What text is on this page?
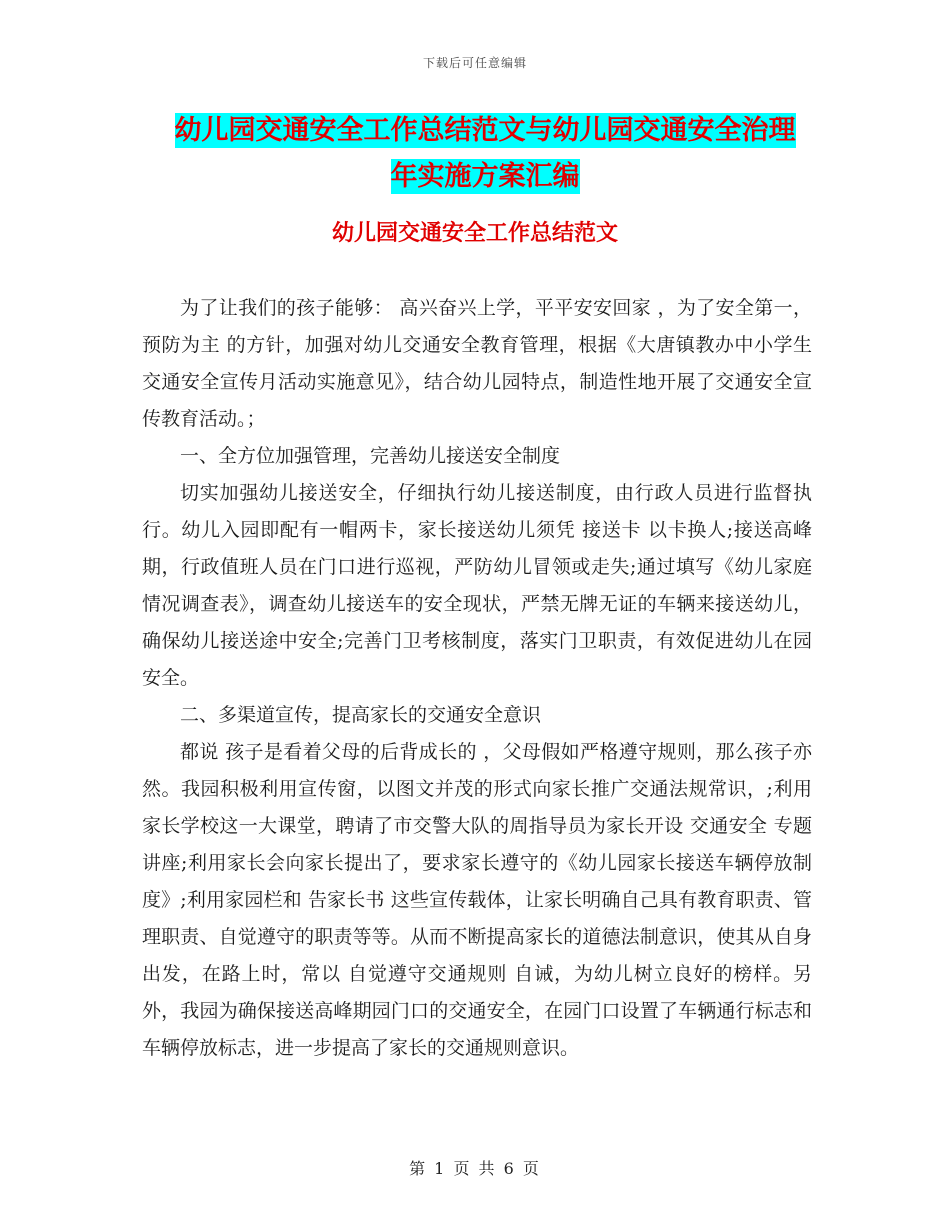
下载后可任意编辑
幼儿园交通安全工作总结范文与幼儿园交通安全治理
年实施方案汇编
幼儿园交通安全工作总结范文

为了让我们的孩子能够： 高兴奋兴上学，平平安安回家 ，为了安全第一，预防为主 的方针，加强对幼儿交通安全教育管理，根据《大唐镇教办中小学生交通安全宣传月活动实施意见》，结合幼儿园特点，制造性地开展了交通安全宣传教育活动。；

一、全方位加强管理，完善幼儿接送安全制度

切实加强幼儿接送安全，仔细执行幼儿接送制度，由行政人员进行监督执行。幼儿入园即配有一帽两卡，家长接送幼儿须凭 接送卡 以卡换人;接送高峰期，行政值班人员在门口进行巡视，严防幼儿冒领或走失;通过填写《幼儿家庭情况调查表》，调查幼儿接送车的安全现状，严禁无牌无证的车辆来接送幼儿，确保幼儿接送途中安全;完善门卫考核制度，落实门卫职责，有效促进幼儿在园安全。

二、多渠道宣传，提高家长的交通安全意识

都说 孩子是看着父母的后背成长的 ，父母假如严格遵守规则，那么孩子亦然。我园积极利用宣传窗，以图文并茂的形式向家长推广交通法规常识，;利用家长学校这一大课堂，聘请了市交警大队的周指导员为家长开设 交通安全 专题讲座;利用家长会向家长提出了，要求家长遵守的《幼儿园家长接送车辆停放制度》;利用家园栏和 告家长书 这些宣传载体，让家长明确自己具有教育职责、管理职责、自觉遵守的职责等等。从而不断提高家长的道德法制意识，使其从自身出发，在路上时，常以 自觉遵守交通规则 自诫，为幼儿树立良好的榜样。另外，我园为确保接送高峰期园门口的交通安全，在园门口设置了车辆通行标志和车辆停放标志，进一步提高了家长的交通规则意识。

第 1 页 共 6 页
